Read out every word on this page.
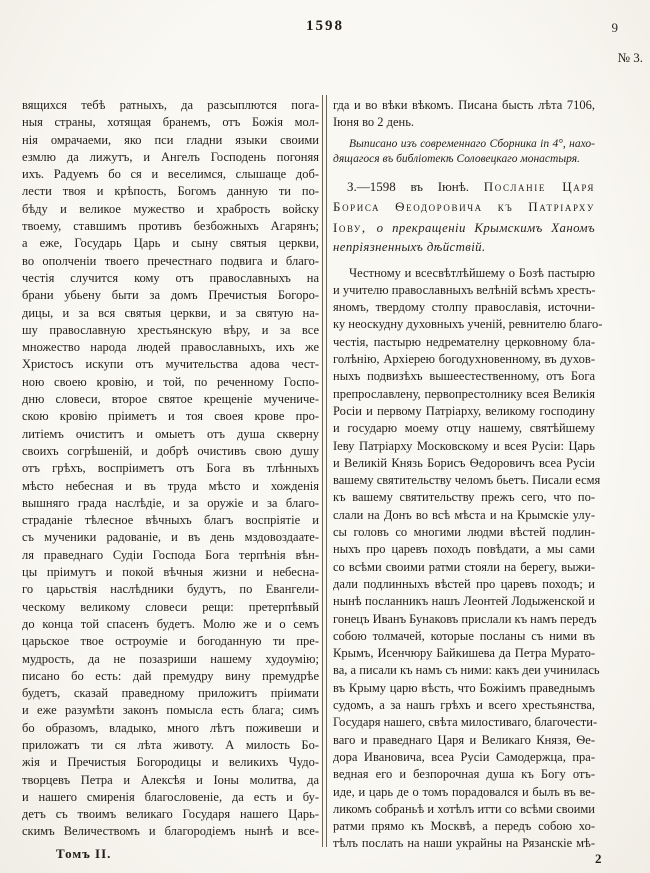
1598	9
№ 3.
вящихся тебѣ ратныхъ, да разсыплются пога-
ныя страны, хотящая бранемъ, отъ Божія мол-
нія омрачаеми, яко пси гладни языки своими
езмлю да лижутъ, и Ангелъ Господень погоняя
ихъ. Радуемъ бо ся и веселимся, слышаще доб-
лести твоя и крѣпость, Богомъ данную ти по-
бѣду и великое мужество и храбрость войску
твоему, ставшимъ противъ безбожныхъ Агарянъ;
а еже, Государь Царь и сыну святыя церкви,
во ополченіи твоего пречестнаго подвига и благо-
честія случится кому отъ православныхъ на
брани убьену быти за домъ Пречистыя Богоро-
дицы, и за вся святыя церкви, и за святую на-
шу православную хрестьянскую вѣру, и за все
множество народа людей православныхъ, ихъ же
Христосъ искупи отъ мучительства адова чест-
ною своею кровію, и той, по реченному Госпо-
дню словеси, второе святое крещеніе мучениче-
скою кровію пріиметъ и тоя своея крове про-
литіемъ очиститъ и омыетъ отъ душа скверну
своихъ согрѣшеній, и добрѣ очистивъ свою душу
отъ грѣхъ, воспріиметъ отъ Бога въ тлѣнныхъ
мѣсто небесная и въ труда мѣсто и хожденія
вышняго града наслѣдіе, и за оружіе и за благо-
страданіе тѣлесное вѣчныхъ благъ воспріятіе и
съ мученики радованіе, и въ день мздовоздаате-
ля праведнаго Судіи Господа Бога терпѣнія вѣн-
цы пріимутъ и покой вѣчныя жизни и небесна-
го царьствія наслѣдники будутъ, по Евангели-
ческому великому словеси рещи: претерпѣвый
до конца той спасенъ будетъ. Молю же и о семъ
царьское твое остроуміе и богоданную ти пре-
мудрость, да не позазриши нашему худоумію;
писано бо есть: дай премудру вину премудрѣе
будетъ, сказай праведному приложитъ пріимати
и еже разумѣти законъ помысла есть блага; симъ
бо образомъ, владыко, много лѣтъ поживеши и
приложатъ ти ся лѣта животу. А милость Бо-
жія и Пречистыя Богородицы и великихъ Чудо-
творцевъ Петра и Алексѣя и Іоны молитва, да
и нашего смиренія благословеніе, да есть и бу-
детъ съ твоимъ великаго Государя нашего Царь-
скимъ Величествомъ и благородіемъ нынѣ и все-
гда и во вѣки вѣкомъ. Писана бысть лѣта 7106,
Іюня во 2 день.
Выписано изъ современнаго Сборника in 4°, нахо-
дящагося въ библіотекѣ Соловецкаго монастыря.
З.—1598 въ Іюнѣ. Посланіе Царя Бориса Ѳеодоровича къ Патріарху Іову, о прекращеніи Крымскимъ Ханомъ непріязненныхъ дѣйствій.
Честному и всесвѣтлѣйшему о Бозѣ пастырю
и учителю православныхъ велѣній всѣмъ хресть-
яномъ, твердому столпу православія, источни-
ку неоскудну духовныхъ ученій, ревнителю благо-
честія, пастырю недремателну церковному бла-
голѣнію, Архіерею богодухновенному, въ духов-
ныхъ подвизѣхъ вышеестественному, отъ Бога
препрославлену, первопрестолнику всея Великія
Росіи и первому Патріарху, великому господину
и государю моему отцу нашему, святѣйшему
Іеву Патріарху Московскому и всея Русіи: Царь
и Великій Князь Борисъ Ѳедоровичъ всеа Русіи
вашему святительству челомъ бьетъ. Писали есмя
къ вашему святительству прежъ сего, что по-
слали на Донъ во всѣ мѣста и на Крымскіе улу-
сы головъ со многими людми вѣстей подлин-
ныхъ про царевъ походъ повѣдати, а мы сами
со всѣми своими ратми стояли на берегу, выжи-
дали подлинныхъ вѣстей про царевъ походъ; и
нынѣ посланникъ нашъ Леонтей Лодыженской и
гонецъ Иванъ Бунаковъ прислали къ намъ передъ
собою толмачей, которые посланы съ ними въ
Крымъ, Исенчюру Байкишева да Петра Мурато-
ва, а писали къ намъ съ ними: какъ деи учинилась
въ Крыму царю вѣсть, что Божіимъ праведнымъ
судомъ, а за нашъ грѣхъ и всего хрестьянства,
Государя нашего, свѣта милостиваго, благочести-
ваго и праведнаго Царя и Великаго Князя, Ѳе-
дора Ивановича, всеа Русіи Самодержца, пра-
ведная его и безпорочная душа къ Богу отъ-
иде, и царь де о томъ порадовался и былъ въ ве-
ликомъ собраньѣ и хотѣлъ итти со всѣми своими
ратми прямо къ Москвѣ, а передъ собою хо-
тѣлъ послать на наши украйны на Рязанскіе мѣ-
Томъ II.	2
